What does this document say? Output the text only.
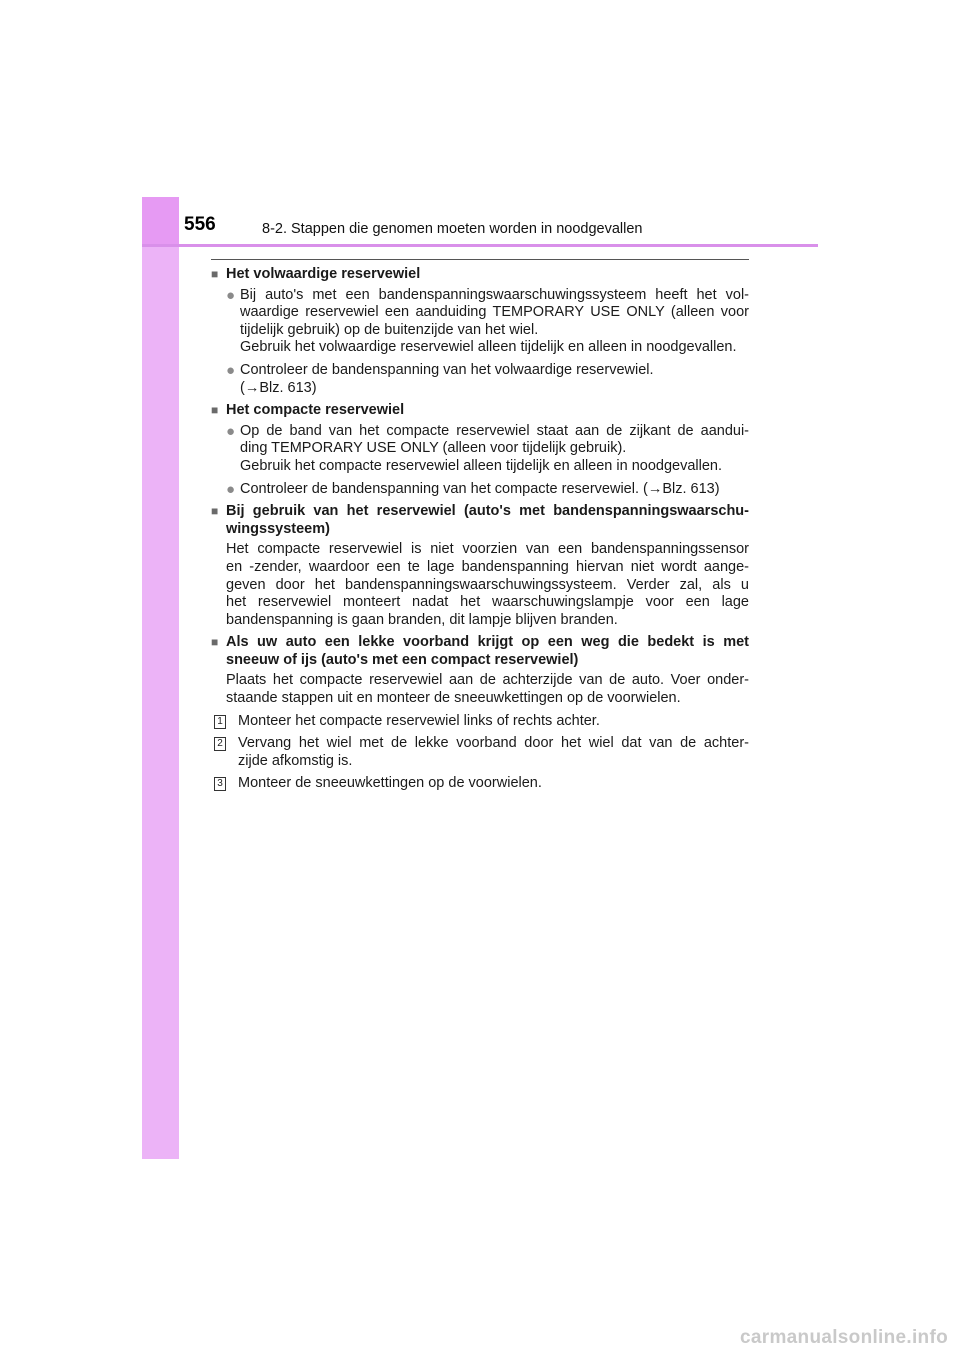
556	8-2. Stappen die genomen moeten worden in noodgevallen
■ Het volwaardige reservewiel
● Bij auto's met een bandenspanningswaarschuwingssysteem heeft het vol-
waardige reservewiel een aanduiding TEMPORARY USE ONLY (alleen voor
tijdelijk gebruik) op de buitenzijde van het wiel.
Gebruik het volwaardige reservewiel alleen tijdelijk en alleen in noodgevallen.
● Controleer de bandenspanning van het volwaardige reservewiel.
(→Blz. 613)
■ Het compacte reservewiel
● Op de band van het compacte reservewiel staat aan de zijkant de aandui-
ding TEMPORARY USE ONLY (alleen voor tijdelijk gebruik).
Gebruik het compacte reservewiel alleen tijdelijk en alleen in noodgevallen.
● Controleer de bandenspanning van het compacte reservewiel. (→Blz. 613)
■ Bij gebruik van het reservewiel (auto's met bandenspanningswaarschu-
wingssysteem)
Het compacte reservewiel is niet voorzien van een bandenspanningssensor
en -zender, waardoor een te lage bandenspanning hiervan niet wordt aange-
geven door het bandenspanningswaarschuwingssysteem. Verder zal, als u
het reservewiel monteert nadat het waarschuwingslampje voor een lage
bandenspanning is gaan branden, dit lampje blijven branden.
■ Als uw auto een lekke voorband krijgt op een weg die bedekt is met
sneeuw of ijs (auto's met een compact reservewiel)
Plaats het compacte reservewiel aan de achterzijde van de auto. Voer onder-
staande stappen uit en monteer de sneeuwkettingen op de voorwielen.
1 Monteer het compacte reservewiel links of rechts achter.
2 Vervang het wiel met de lekke voorband door het wiel dat van de achter-
zijde afkomstig is.
3 Monteer de sneeuwkettingen op de voorwielen.
carmanualsonline.info
